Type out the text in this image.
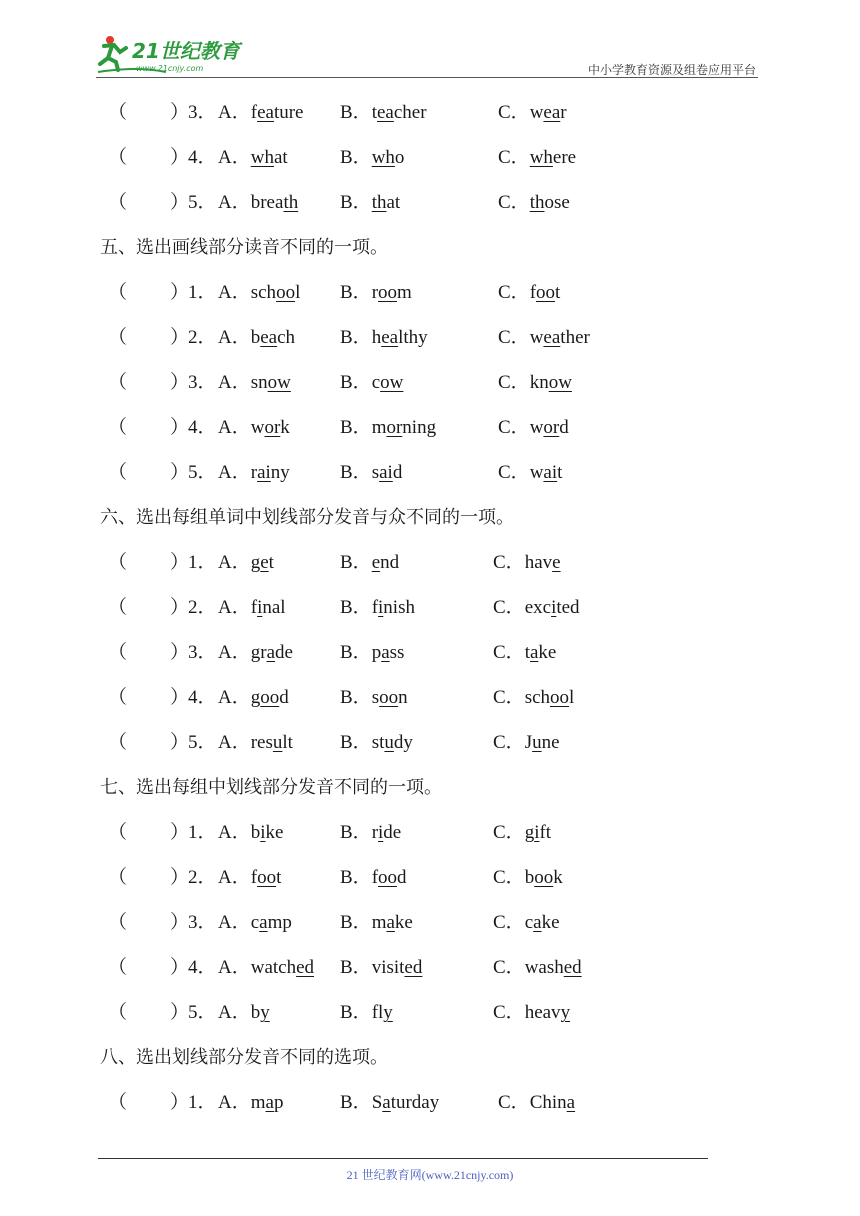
21世纪教育
www.21cnjy.com	中小学教育资源及组卷应用平台
（ ）
3． A．feature B．teacher	C．wear
（ ）
4． A．what	B．who	C．where
（ ）
5． A．breath B．that	C．those
五、选出画线部分读音不同的一项。
（ ）
1． A．school B．room	C．foot
（ ）
2． A．beach B．healthy	C．weather
（ ）
3． A．snow	B．cow	C．know
（ ）
4． A．work	B．morning	C．word
（ ）
5． A．rainy	B．said	C．wait
六、选出每组单词中划线部分发音与众不同的一项。
（ ）
1． A．get	B．end	C．have
（ ）
2． A．final	B．finish	C．excited
（ ）
3． A．grade B．pass	C．take
（ ）
4． A．good	B．soon	C．school
（ ）
5． A．result B．study	C．June
七、选出每组中划线部分发音不同的一项。
（ ）
1． A．bike	B．ride	C．gift
（ ）
2． A．foot	B．food	C．book
（ ）
3． A．camp	B．make	C．cake
（ ）
4． A．watched B．visited	C．washed
（ ）
5． A．by	B．fly	C．heavy
八、选出划线部分发音不同的选项。
（ ）
1． A．map	B．Saturday	C．China
21 世纪教育网(www.21cnjy.com)
